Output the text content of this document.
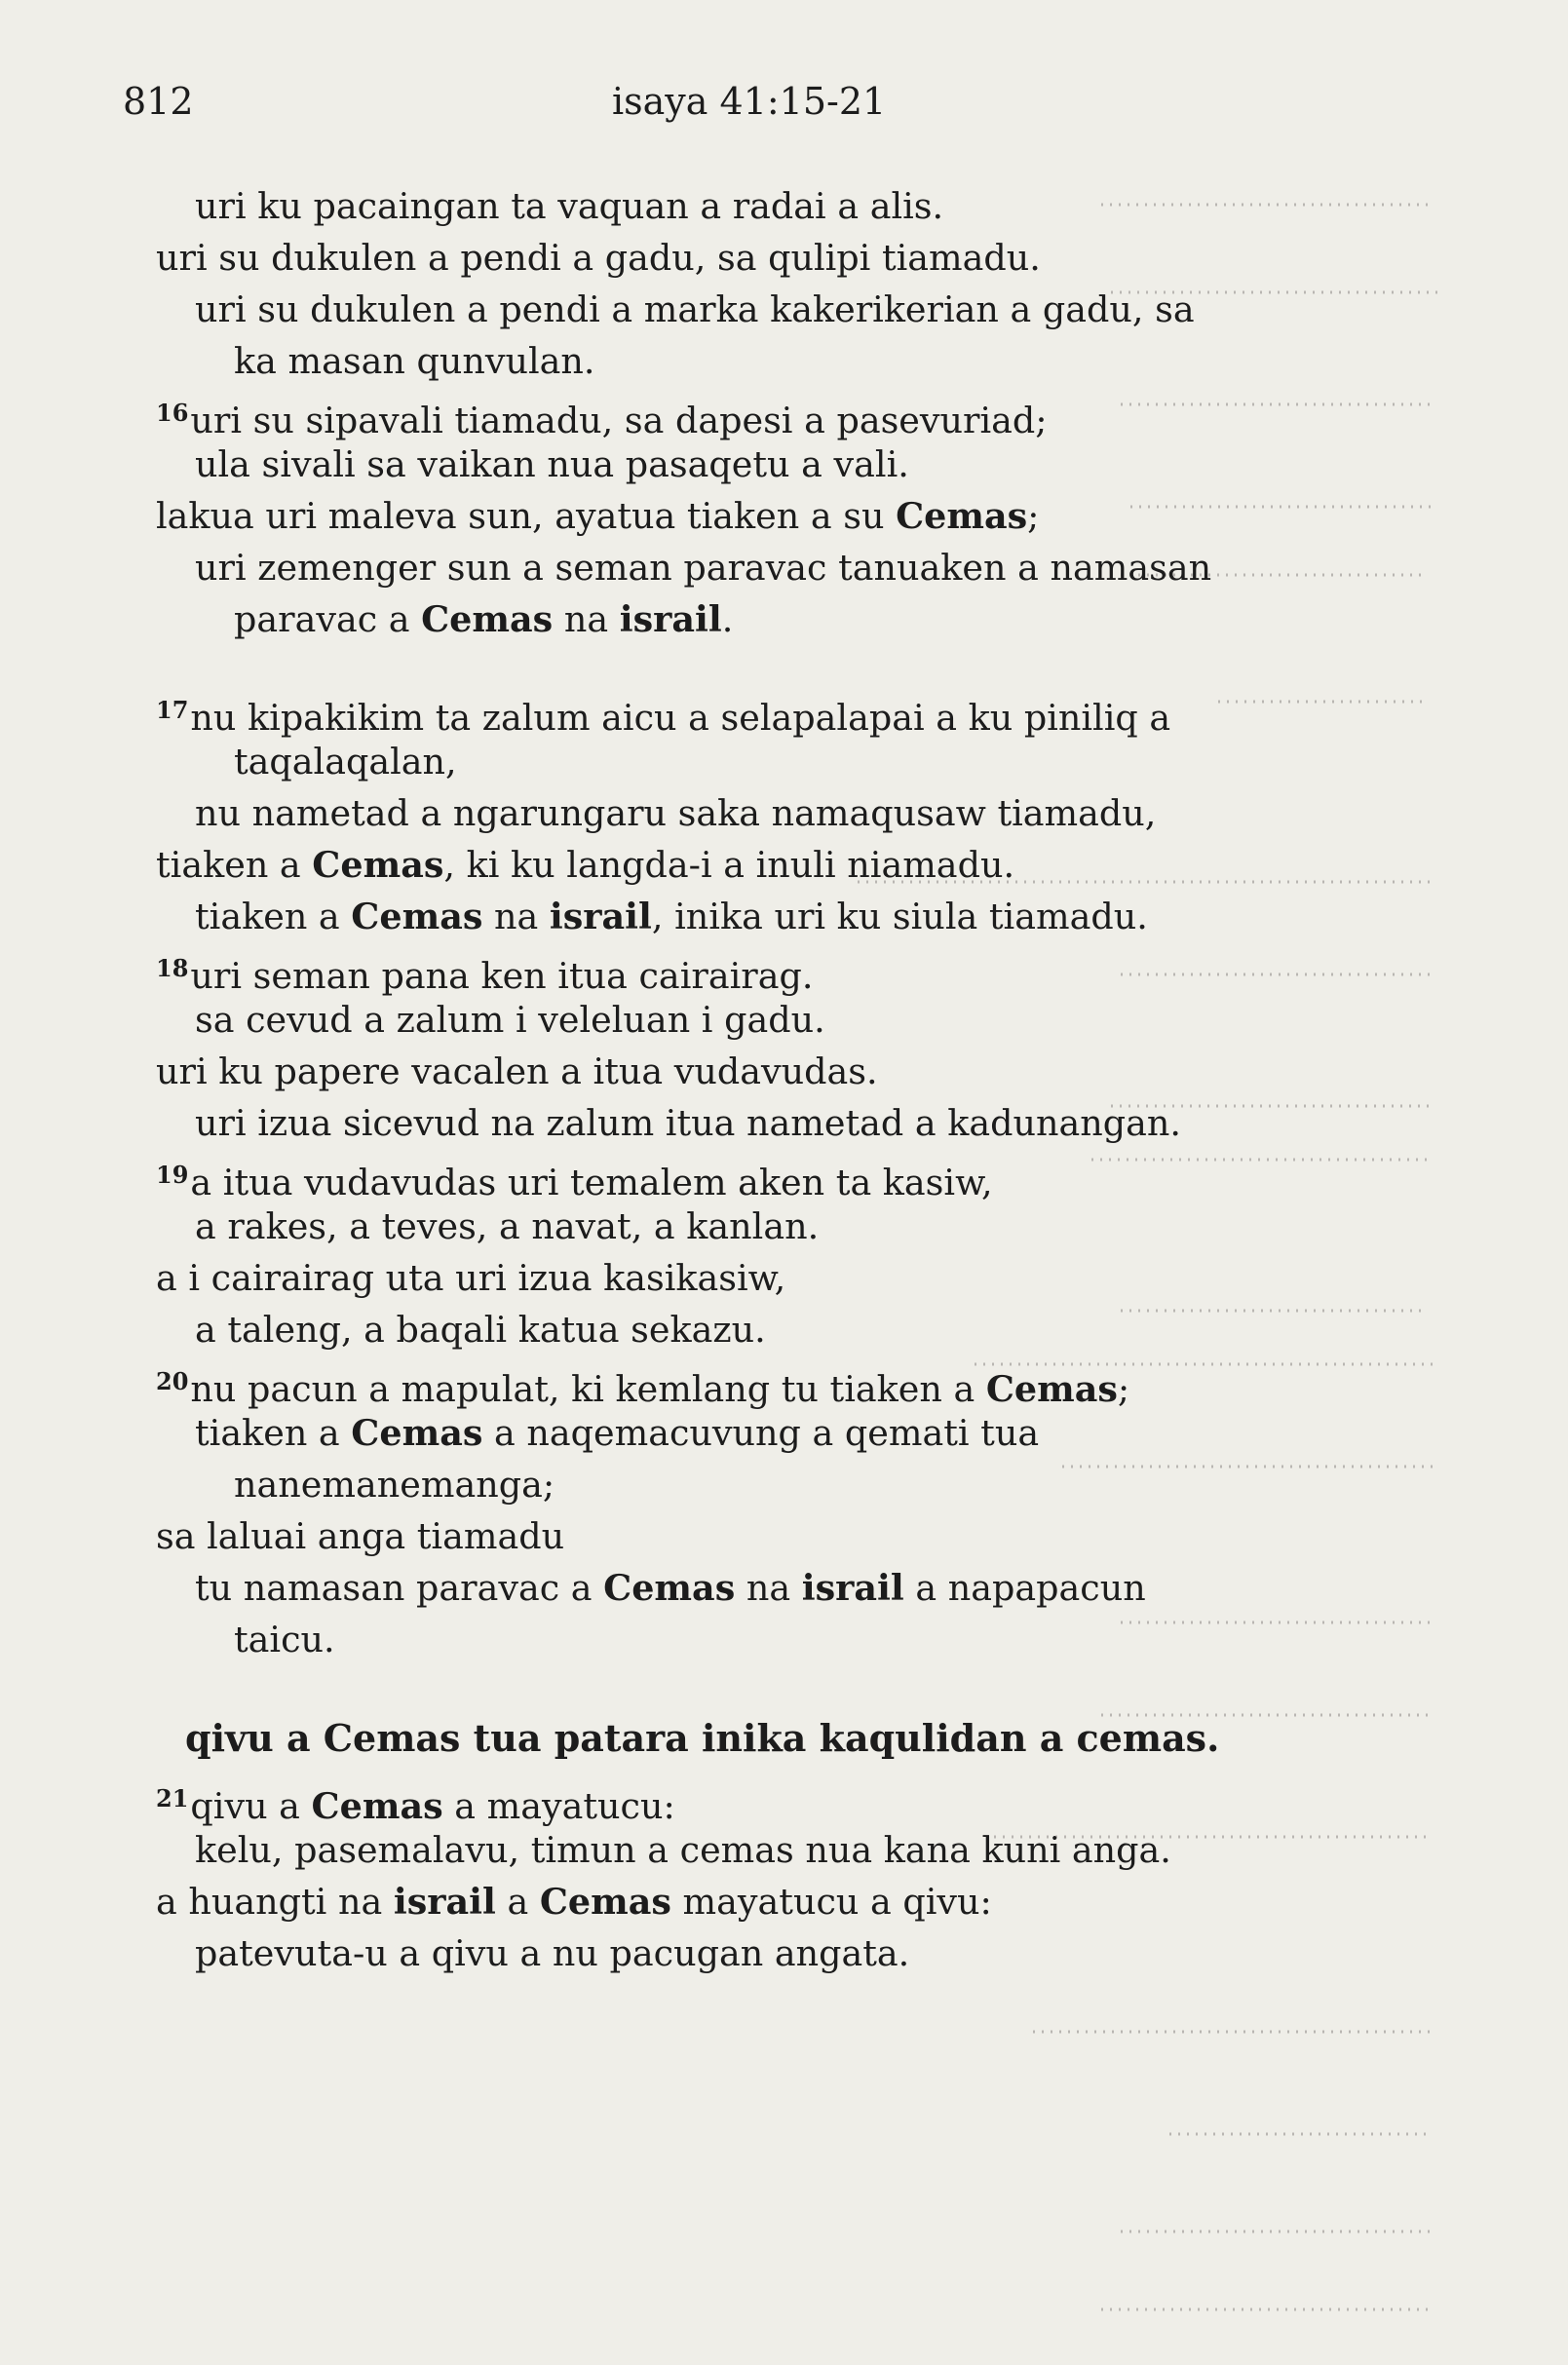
812	isaya 41:15-21
uri ku pacaingan ta vaquan a radai a alis.
uri su dukulen a pendi a gadu, sa qulipi tiamadu.
uri su dukulen a pendi a marka kakerikerian a gadu, sa
ka masan qunvulan.
$^{16}$uri su sipavali tiamadu, sa dapesi a pasevuriad;
ula sivali sa vaikan nua pasaqetu a vali.
lakua uri maleva sun, ayatua tiaken a su Cemas;
uri zemenger sun a seman paravac tanuaken a namasan
paravac a Cemas na israil.
$^{17}$nu kipakikim ta zalum aicu a selapalapai a ku piniliq a
taqalaqalan,
nu nametad a ngarungaru saka namaqusaw tiamadu,
tiaken a Cemas, ki ku langda-i a inuli niamadu.
tiaken a Cemas na israil, inika uri ku siula tiamadu.
$^{18}$uri seman pana ken itua cairairag.
sa cevud a zalum i veleluan i gadu.
uri ku papere vacalen a itua vudavudas.
uri izua sicevud na zalum itua nametad a kadunangan.
$^{19}$a itua vudavudas uri temalem aken ta kasiw,
a rakes, a teves, a navat, a kanlan.
a i cairairag uta uri izua kasikasiw,
a taleng, a baqali katua sekazu.
$^{20}$nu pacun a mapulat, ki kemlang tu tiaken a Cemas;
tiaken a Cemas a naqemacuvung a qemati tua
nanemanemanga;
sa laluai anga tiamadu
tu namasan paravac a Cemas na israil a napapacun
taicu.
qivu a Cemas tua patara inika kaqulidan a cemas.
$^{21}$qivu a Cemas a mayatucu:
kelu, pasemalavu, timun a cemas nua kana kuni anga.
a huangti na israil a Cemas mayatucu a qivu:
patevuta-u a qivu a nu pacugan angata.
